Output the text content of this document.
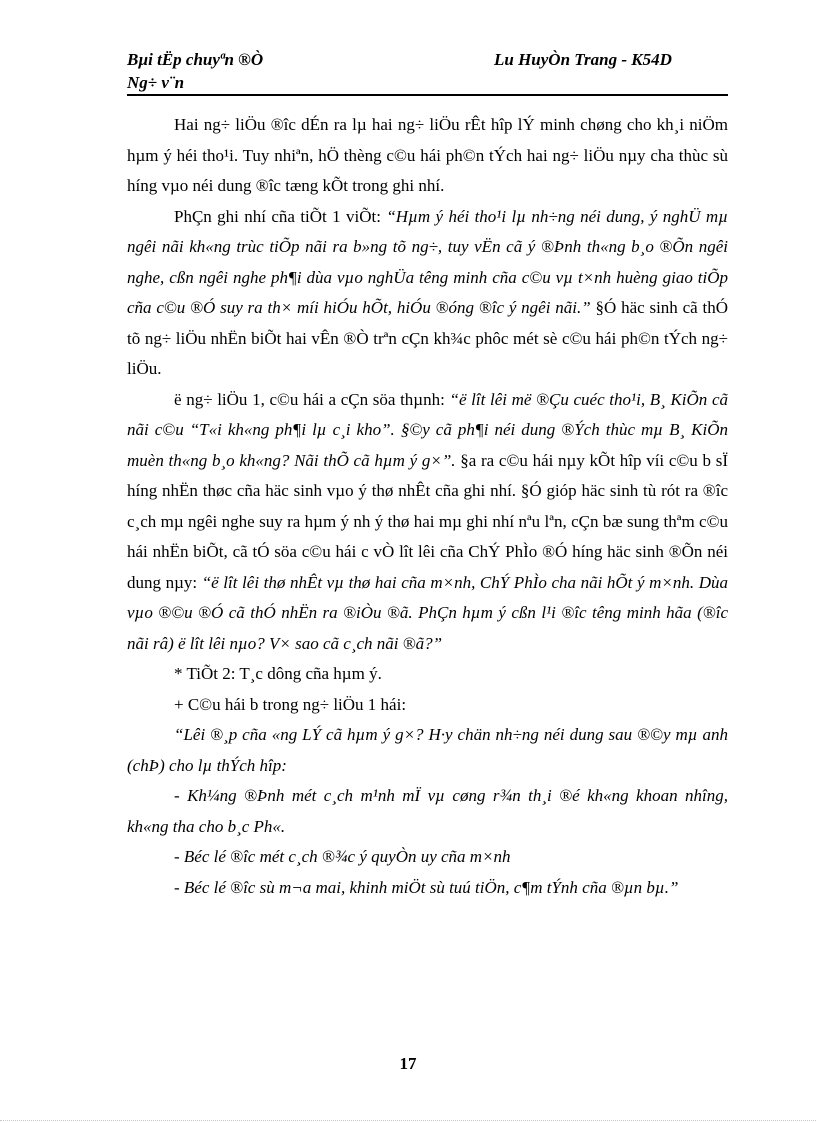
Bµi tËp chuyªn ®Ò
Ng÷ v¨n
Lu HuyÒn Trang - K54D

Hai ng÷ liÖu ®îc dÉn ra lµ hai ng÷ liÖu rÊt hîp lÝ minh chøng cho kh¸i niÖm hµm ý héi tho¹i. Tuy nhiªn, hÖ thèng c©u hái ph©n tÝch hai ng÷ liÖu nµy cha thùc sù híng vµo néi dung ®îc tæng kÕt trong ghi nhí.

PhÇn ghi nhí cña tiÕt 1 viÕt: “Hµm ý héi tho¹i lµ nh÷ng néi dung, ý nghÜ mµ ngêi nãi kh«ng trùc tiÕp nãi ra b»ng tõ ng÷, tuy vËn cã ý ®Þnh th«ng b¸o ®Õn ngêi nghe, cßn ngêi nghe ph¶i dùa vµo nghÜa têng minh cña c©u vµ t×nh huèng giao tiÕp cña c©u ®Ó suy ra th× míi hiÓu hÕt, hiÓu ®óng ®îc ý ngêi nãi.” §Ó häc sinh cã thÓ tõ ng÷ liÖu nhËn biÕt hai vÊn ®Ò trªn cÇn kh¾c phôc mét sè c©u hái ph©n tÝch ng÷ liÖu.

ë ng÷ liÖu 1, c©u hái a cÇn söa thµnh: “ë lît lêi më ®Çu cuéc tho¹i, B¸ KiÕn cã nãi c©u “T«i kh«ng ph¶i lµ c¸i kho”. §©y cã ph¶i néi dung ®Ých thùc mµ B¸ KiÕn muèn th«ng b¸o kh«ng? Nãi thÕ cã hµm ý g×”. §a ra c©u hái nµy kÕt hîp víi c©u b sÏ híng nhËn thøc cña häc sinh vµo ý thø nhÊt cña ghi nhí. §Ó gióp häc sinh tù rót ra ®îc c¸ch mµ ngêi nghe suy ra hµm ý nh ý thø hai mµ ghi nhí nªu lªn, cÇn bæ sung thªm c©u hái nhËn biÕt, cã tÓ söa c©u hái c vÒ lît lêi cña ChÝ PhÌo ®Ó híng häc sinh ®Õn néi dung nµy: “ë lît lêi thø nhÊt vµ thø hai cña m×nh, ChÝ PhÌo cha nãi hÕt ý m×nh. Dùa vµo ®©u ®Ó cã thÓ nhËn ra ®iÒu ®ã. PhÇn hµm ý cßn l¹i ®îc têng minh hãa (®îc nãi râ) ë lît lêi nµo? V× sao cã c¸ch nãi ®ã?”

* TiÕt 2: T¸c dông cña hµm ý.

+ C©u hái b trong ng÷ liÖu 1 hái:

“Lêi ®¸p cña «ng LÝ cã hµm ý g×? H·y chän nh÷ng néi dung sau ®©y mµ anh (chÞ) cho lµ thÝch hîp:

- Kh¼ng ®Þnh mét c¸ch m¹nh mÏ vµ cøng r¾n th¸i ®é kh«ng khoan nhîng, kh«ng tha cho b¸c Ph«.

- Béc lé ®îc mét c¸ch ®¾c ý quyÒn uy cña m×nh

- Béc lé ®îc sù m¬a mai, khinh miÖt sù tuú tiÖn, c¶m tÝnh cña ®µn bµ.”

17
